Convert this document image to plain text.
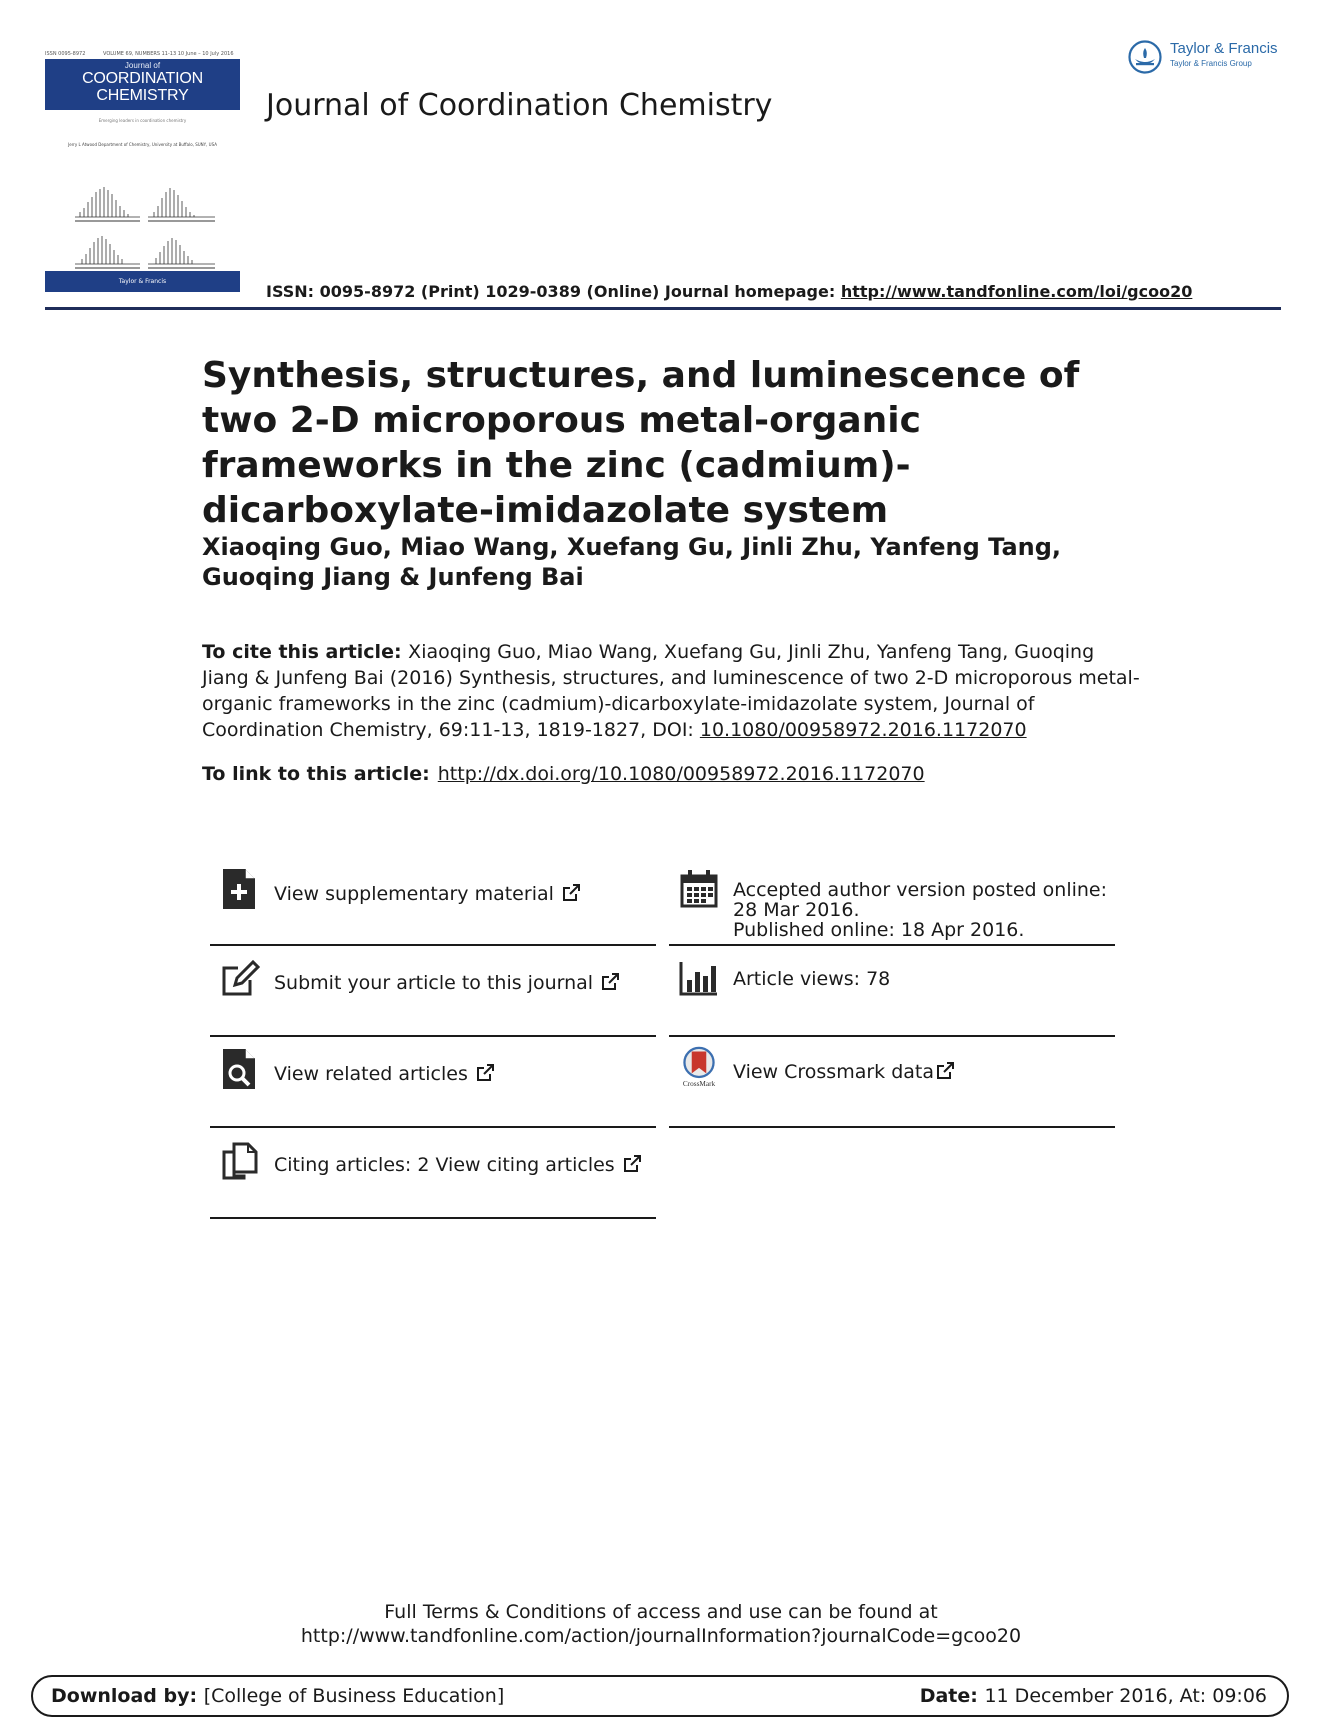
ISSN 0095-8972	VOLUME 69, NUMBERS 11-13 10 June – 10 July 2016
Journal of
COORDINATION
CHEMISTRY
Emerging leaders in coordination chemistry
Jerry L Atwood Department of Chemistry, University at Buffalo, SUNY, USA
Taylor & Francis
Journal of Coordination Chemistry
Taylor & Francis
Taylor & Francis Group
ISSN: 0095-8972 (Print) 1029-0389 (Online) Journal homepage: http://www.tandfonline.com/loi/gcoo20
Synthesis, structures, and luminescence of two 2-D microporous metal-organic frameworks in the zinc (cadmium)-dicarboxylate-imidazolate system
Xiaoqing Guo, Miao Wang, Xuefang Gu, Jinli Zhu, Yanfeng Tang, Guoqing Jiang & Junfeng Bai
To cite this article: Xiaoqing Guo, Miao Wang, Xuefang Gu, Jinli Zhu, Yanfeng Tang, Guoqing Jiang & Junfeng Bai (2016) Synthesis, structures, and luminescence of two 2-D microporous metal-organic frameworks in the zinc (cadmium)-dicarboxylate-imidazolate system, Journal of Coordination Chemistry, 69:11-13, 1819-1827, DOI: 10.1080/00958972.2016.1172070
To link to this article: http://dx.doi.org/10.1080/00958972.2016.1172070
View supplementary material
Submit your article to this journal
View related articles
Citing articles: 2 View citing articles
Accepted author version posted online: 28 Mar 2016.
Published online: 18 Apr 2016.
Article views: 78
CrossMark
View Crossmark data
Full Terms & Conditions of access and use can be found at
http://www.tandfonline.com/action/journalInformation?journalCode=gcoo20
Download by: [College of Business Education]	Date: 11 December 2016, At: 09:06
